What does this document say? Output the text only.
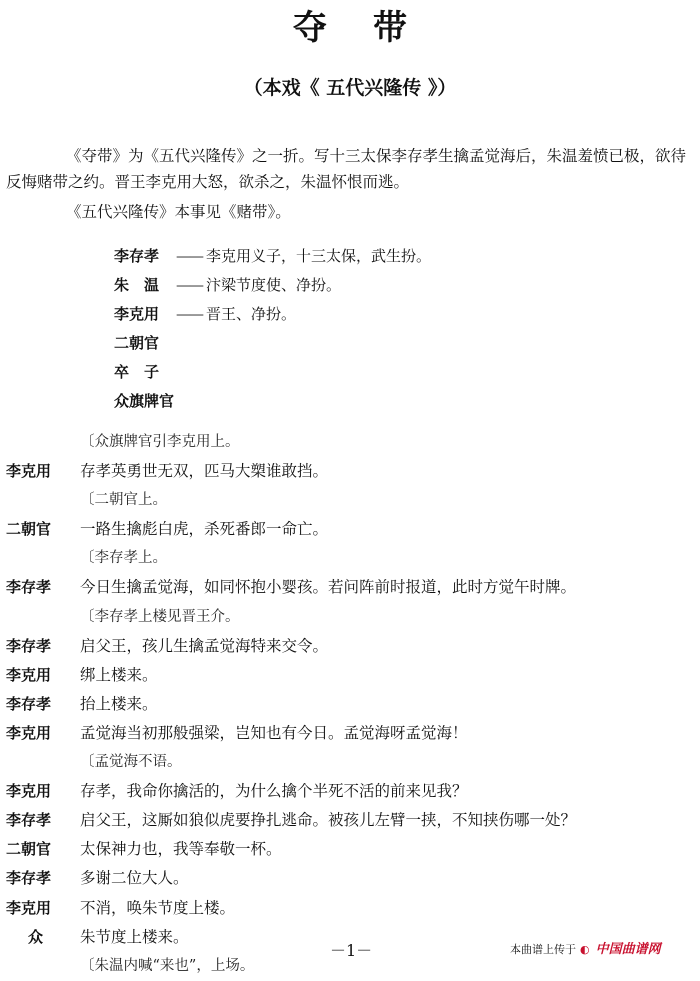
夺带
（本戏《 五代兴隆传 》）

《夺带》为《五代兴隆传》之一折。写十三太保李存孝生擒孟觉海后，朱温羞愤已极，欲待反悔赌带之约。晋王李克用大怒，欲杀之，朱温怀恨而逃。

《五代兴隆传》本事见《赌带》。

李存孝 —— 李克用义子，十三太保，武生扮。
朱　温 —— 汴梁节度使、净扮。
李克用 —— 晋王、净扮。
二朝官
卒　子
众旗牌官
〔众旗牌官引李克用上。
李克用	存孝英勇世无双，匹马大槊谁敢挡。
〔二朝官上。
二朝官	一路生擒彪白虎，杀死番郎一命亡。
〔李存孝上。
李存孝	今日生擒孟觉海，如同怀抱小婴孩。若问阵前时报道，此时方觉午时牌。
〔李存孝上楼见晋王介。
李存孝	启父王，孩儿生擒孟觉海特来交令。
李克用	绑上楼来。
李存孝	抬上楼来。
李克用	孟觉海当初那般强梁，岂知也有今日。孟觉海呀孟觉海！
〔孟觉海不语。
李克用	存孝，我命你擒活的，为什么擒个半死不活的前来见我？
李存孝	启父王，这厮如狼似虎要挣扎逃命。被孩儿左臂一挟，不知挟伤哪一处？
二朝官	太保神力也，我等奉敬一杯。
李存孝	多谢二位大人。
李克用	不消，唤朱节度上楼。
众	朱节度上楼来。
〔朱温内喊“来也”，上场。
－1－	本曲谱上传于 ◐ 中国曲谱网
